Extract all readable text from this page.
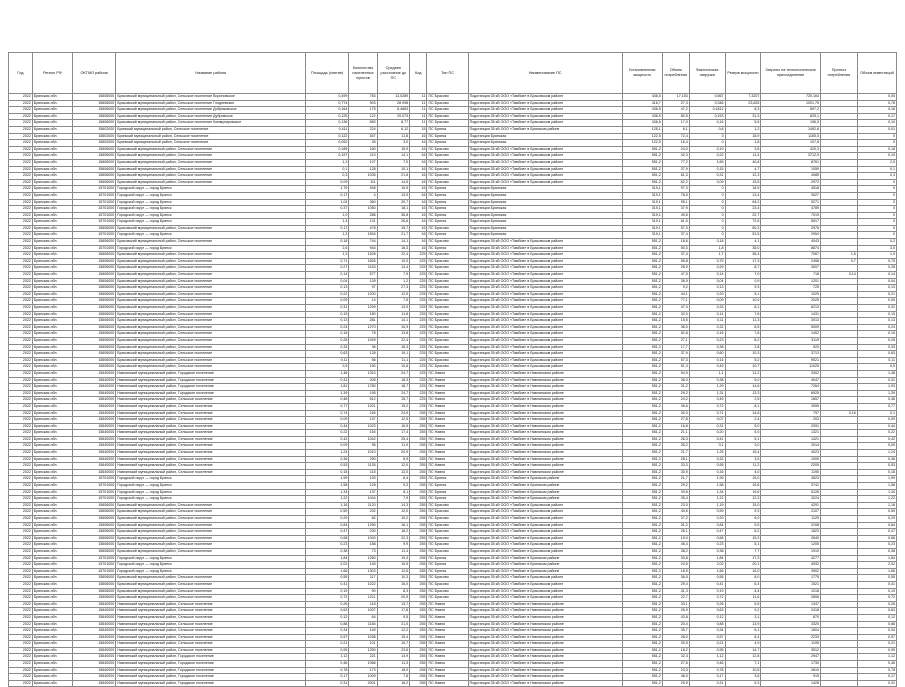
Год	Регион РФ	ОКТМО района	Название района	Площадь (снятие)	Количество населенных пунктов	Среднее расстояние до ПС	Код	Тип ПС	Наименование ПС	Установленная мощность	Объем потребления	Фактическая нагрузка	Резерв мощности	Затраты на технологическое присоединение	Прогноз потребления	Объем инвестиций
2022	Брянская обл.	15606000	Брасовский муниципальный район, Сельское поселение Вороновское	0,499	754	13,0289	11	ПС Брасово	Подстанция 35 кВ ООО «Тамбов» в Брасовском районе	436,5	17,153	0,567	7,3207	725,164		0,05
2022	Брянская обл.	15606000	Брасовский муниципальный район, Сельское поселение Глодневское	0,774	903	28,998	11	ПС Брасово	Подстанция 35 кВ ООО «Тамбов» в Брасовском районе	416,7	27,3	0,346	23,625	1001,75		0,78
2022	Брянская обл.	15606000	Брасовский муниципальный район, Сельское поселение Добриковское	0,164	175	6,4663	11	ПС Брасово	Подстанция 35 кВ ООО «Тамбов» в Брасовском районе	436,5	47,2	0,1812	8,3	697,2		0,16
2022	Брянская обл.	15606000	Брасовский муниципальный район, Сельское поселение Дубровское	0,125	122	20,073	11	ПС Брасово	Подстанция 35 кВ ООО «Тамбов» в Брасовском районе	436,5	80,5	0,153	31,3	825,1		0,17
2022	Брянская обл.	15606000	Брасовский муниципальный район, Сельское поселение Коммунаровское	0,136	583	8,77	11	ПС Брасово	Подстанция 35 кВ ООО «Тамбов» в Брасовском районе	436,5	17,0	0,16	5,5	196,5		0,10
2022	Брянская обл.	15602000	Брянский муниципальный район, Сельское поселение	0,411	224	6,12	15	ПС Брянск	Подстанция 35 кВ ООО «Тамбов» в Брянском районе	125,1	6,1	0,8	1,2	1492,6		0,01
2022	Брянская обл.	15602000	Брянский муниципальный район, Сельское поселение	0,122	547	11,8	16	ПС Брянск	Подстанция Брянская	122,5	72,4	0	18,9	1165,5		0
2022	Брянская обл.	15602000	Брянский муниципальный район, Сельское поселение	0,052	35	3,0	16	ПС Брянск	Подстанция Брянская	122,5	16,4	0	1,8	107,6		0
2022	Брянская обл.	15606000	Брасовский муниципальный район, Сельское поселение	0,189	160	15,9	16	ПС Брасово	Подстанция 35 кВ ООО «Тамбов» в Брасовском районе	551,2	24,0	0,19	3,6	420,3		0,18
2022	Брянская обл.	15606000	Брасовский муниципальный район, Сельское поселение	0,197	110	14,1	16	ПС Брасово	Подстанция 35 кВ ООО «Тамбов» в Брасовском районе	551,2	42,3	0,22	11,4	3712,5		0,19
2022	Брянская обл.	15606000	Брасовский муниципальный район, Сельское поселение	1,3	107	7,0	16	ПС Брасово	Подстанция 35 кВ ООО «Тамбов» в Брасовском районе	551,2	77,2	1,65	40,8	8761		2,5
2022	Брянская обл.	15606000	Брасовский муниципальный район, Сельское поселение	0,1	128	10,1	16	ПС Брасово	Подстанция 35 кВ ООО «Тамбов» в Брасовском районе	551,2	37,9	0,15	4,7	1059		0,1
2022	Брянская обл.	15606000	Брасовский муниципальный район, Сельское поселение	0,3	1035	21,6	16	ПС Брасово	Подстанция 35 кВ ООО «Тамбов» в Брасовском районе	551,2	61,3	0,31	12,3	4085		0,3
2022	Брянская обл.	15606000	Брасовский муниципальный район, Сельское поселение	0,09	111	14,5	16	ПС Брасово	Подстанция 35 кВ ООО «Тамбов» в Брасовском районе	551,2	62,2	0,09	15,5	2972		0
2022	Брянская обл.	15701000	Городской округ — город Брянск	1,76	948	15,5	16	ПС Брянск	Подстанция Брянская	319,1	97,3	0	18,9	4518		0
2022	Брянская обл.	15701000	Городской округ — город Брянск	0,17	4	13,9	16	ПС Брянск	Подстанция Брянская	319,1	78,5	0	13,4	3027		0
2022	Брянская обл.	15701000	Городской округ — город Брянск	1,04	360	20,7	16	ПС Брянск	Подстанция Брянская	319,1	95,1	0	64,2	5271		0
2022	Брянская обл.	15701000	Городской округ — город Брянск	0,37	1050	18,1	16	ПС Брянск	Подстанция Брянская	319,1	37,9	0	23,4	4789		0
2022	Брянская обл.	15701000	Городской округ — город Брянск	1,0	286	36,8	16	ПС Брянск	Подстанция Брянская	319,1	49,6	0	22,7	7019		0
2022	Брянская обл.	15701000	Городской округ — город Брянск	1,4	131	26,6	16	ПС Брянск	Подстанция Брянская	319,1	61,5	0	72,6	5517		0
2022	Брянская обл.	15606000	Брасовский муниципальный район, Сельское поселение	0,17	478	15,7	16	ПС Брасово	Подстанция Брянская	319,1	57,3	0	60,3	2976		0
2022	Брянская обл.	15701000	Городской округ — город Брянск	1,3	1504	21,7	16	ПС Брянск	Подстанция Брянская	319,1	37,4	0	51,5	2954		0
2022	Брянская обл.	15606000	Брасовский муниципальный район, Сельское поселение	0,18	744	14,1	16	ПС Брасово	Подстанция 35 кВ ООО «Тамбов» в Брасовском районе	551,2	18,6	0,18	4,1	4043		0,2
2022	Брянская обл.	15701000	Городской округ — город Брянск	2,6	944	16,3	16	ПС Брянск	Подстанция 35 кВ ООО «Тамбов» в Брасовском районе	551,2	50,3	1,8	35,0	8874		3,0
2022	Брянская обл.	15606000	Брасовский муниципальный район, Сельское поселение	1,3	1528	22,4	225	ПС Брасово	Подстанция 35 кВ ООО «Тамбов» в Брасовском районе	551,2	37,4	1,7	36,4	7067	1,5	1,9
2022	Брянская обл.	15606000	Брасовский муниципальный район, Сельское поселение	0,71	1826	10,0	225	ПС Брасово	Подстанция 35 кВ ООО «Тамбов» в Брасовском районе	551,2	55,8	0,75	17,3	2458	0,7	0,75
2022	Брянская обл.	15606000	Брасовский муниципальный район, Сельское поселение	0,27	1153	13,4	225	ПС Брасово	Подстанция 35 кВ ООО «Тамбов» в Брасовском районе	551,2	28,9	0,29	8,7	3007		0,28
2022	Брянская обл.	15606000	Брасовский муниципальный район, Сельское поселение	0,14	577	7,9	225	ПС Брасово	Подстанция 35 кВ ООО «Тамбов» в Брасовском районе	551,2	47,5	0,14	7,0	718	0,14	0,14
2022	Брянская обл.	15606000	Брасовский муниципальный район, Сельское поселение	0,04	139	1,2	225	ПС Брасово	Подстанция 35 кВ ООО «Тамбов» в Брасовском районе	551,2	36,9	0,04	0,9	1201		0,04
2022	Брянская обл.	15606000	Брасовский муниципальный район, Сельское поселение	0,13	97	27,3	225	ПС Брасово	Подстанция 35 кВ ООО «Тамбов» в Брасовском районе	551,2	9,2	0,13	9,3	725		0,13
2022	Брянская обл.	15606000	Брасовский муниципальный район, Сельское поселение	0,22	1200	12,9	225	ПС Брасово	Подстанция 35 кВ ООО «Тамбов» в Брасовском районе	551,2	44,1	0,29	5,1	1025		0,21
2022	Брянская обл.	15606000	Брасовский муниципальный район, Сельское поселение	0,09	14	7,5	225	ПС Брасово	Подстанция 35 кВ ООО «Тамбов» в Брасовском районе	551,2	77,1	0,09	10,0	2025		0,09
2022	Брянская обл.	15606000	Брасовский муниципальный район, Сельское поселение	0,31	1299	13,9	225	ПС Брасово	Подстанция 35 кВ ООО «Тамбов» в Брасовском районе	551,2	47,0	0,33	8,1	6213		0,31
2022	Брянская обл.	15606000	Брасовский муниципальный район, Сельское поселение	0,15	180	11,8	225	ПС Брасово	Подстанция 35 кВ ООО «Тамбов» в Брасовском районе	551,2	32,0	0,14	7,6	1431		0,15
2022	Брянская обл.	15606000	Брасовский муниципальный район, Сельское поселение	0,13	281	14,1	225	ПС Брасово	Подстанция 35 кВ ООО «Тамбов» в Брасовском районе	551,2	15,5	0,11	11,3	3013		0,13
2022	Брянская обл.	15606000	Брасовский муниципальный район, Сельское поселение	0,24	1270	10,9	225	ПС Брасово	Подстанция 35 кВ ООО «Тамбов» в Брасовском районе	551,2	36,0	0,32	6,5	5009		0,24
2022	Брянская обл.	15606000	Брасовский муниципальный район, Сельское поселение	0,15	78	13,8	225	ПС Брасово	Подстанция 35 кВ ООО «Тамбов» в Брасовском районе	551,2	52,8	0,15	7,6	1402		0,15
2022	Брянская обл.	15606000	Брасовский муниципальный район, Сельское поселение	0,28	1049	22,4	225	ПС Брасово	Подстанция 35 кВ ООО «Тамбов» в Брасовском районе	551,2	27,1	0,23	8,2	3119		0,25
2022	Брянская обл.	15606000	Брасовский муниципальный район, Сельское поселение	0,33	36	16,3	225	ПС Брасово	Подстанция 35 кВ ООО «Тамбов» в Брасовском районе	551,2	17,7	0,38	2,8	923		0,33
2022	Брянская обл.	15606000	Брасовский муниципальный район, Сельское поселение	0,63	128	19,1	225	ПС Брасово	Подстанция 35 кВ ООО «Тамбов» в Брасовском районе	551,2	37,9	0,60	10,3	3713		0,63
2022	Брянская обл.	15606000	Брасовский муниципальный район, Сельское поселение	0,11	56	11,1	225	ПС Брасово	Подстанция 35 кВ ООО «Тамбов» в Брасовском районе	551,2	57,3	0,14	5,2	9021		0,11
2022	Брянская обл.	15606000	Брасовский муниципальный район, Сельское поселение	0,5	150	10,8	225	ПС Брасово	Подстанция 35 кВ ООО «Тамбов» в Брасовском районе	551,2	51,3	0,49	10,7	11025		0,5
2022	Брянская обл.	15640000	Навлинский муниципальный район, Городское поселение	1,46	1310	24,7	225	ПС Навля	Подстанция 35 кВ ООО «Тамбов» в Навлинском районе	551,2	54,9	1,1	11,2	3302		1,48
2022	Брянская обл.	15640000	Навлинский муниципальный район, Городское поселение	0,31	205	18,3	225	ПС Навля	Подстанция 35 кВ ООО «Тамбов» в Навлинском районе	551,2	36,0	0,38	5,0	4047		0,31
2022	Брянская обл.	15640000	Навлинский муниципальный район, Городское поселение	1,81	1780	18,7	225	ПС Навля	Подстанция 35 кВ ООО «Тамбов» в Навлинском районе	551,2	31,2	1,29	14,6	7264		1,93
2022	Брянская обл.	15640000	Навлинский муниципальный район, Городское поселение	1,39	195	24,7	225	ПС Навля	Подстанция 35 кВ ООО «Тамбов» в Навлинском районе	551,2	29,2	1,31	13,3	6925		1,39
2022	Брянская обл.	15640000	Навлинский муниципальный район, Сельское поселение	0,48	512	15,7	225	ПС Навля	Подстанция 35 кВ ООО «Тамбов» в Навлинском районе	551,2	24,2	0,49	2,5	1657		0,46
2022	Брянская обл.	15640000	Навлинский муниципальный район, Сельское поселение	0,77	1021	15,2	225	ПС Навля	Подстанция 35 кВ ООО «Тамбов» в Навлинском районе	551,2	36,6	0,72	8,1	3055		0,77
2022	Брянская обл.	15640000	Навлинский муниципальный район, Сельское поселение	0,74	165	24,9	255	ПС Навля	Подстанция 35 кВ ООО «Тамбов» в Навлинском районе	551,2	30,3	0,71	14,8	797	0,16	0,1
2022	Брянская обл.	15640000	Навлинский муниципальный район, Сельское поселение	0,09	137	12,5	255	ПС Навля	Подстанция 35 кВ ООО «Тамбов» в Навлинском районе	551,2	27,8	0,07	2,4	203		0,09
2022	Брянская обл.	15640000	Навлинский муниципальный район, Сельское поселение	0,44	1023	16,5	255	ПС Навля	Подстанция 35 кВ ООО «Тамбов» в Навлинском районе	551,2	16,8	0,31	5,0	2091		0,44
2022	Брянская обл.	15640000	Навлинский муниципальный район, Сельское поселение	0,22	154	17,4	255	ПС Навля	Подстанция 35 кВ ООО «Тамбов» в Навлинском районе	551,2	21,1	0,20	5,0	1321		0,22
2022	Брянская обл.	15640000	Навлинский муниципальный район, Сельское поселение	0,42	1042	25,4	255	ПС Навля	Подстанция 35 кВ ООО «Тамбов» в Навлинском районе	551,2	28,3	0,41	5,1	1421		0,42
2022	Брянская обл.	15640000	Навлинский муниципальный район, Сельское поселение	0,09	96	11,9	255	ПС Навля	Подстанция 35 кВ ООО «Тамбов» в Навлинском районе	551,2	35,2	0,1	3,0	2014		0,09
2022	Брянская обл.	15640000	Навлинский муниципальный район, Сельское поселение	1,24	1010	20,9	255	ПС Навля	Подстанция 35 кВ ООО «Тамбов» в Навлинском районе	551,2	21,7	1,25	15,4	4023		1,24
2022	Брянская обл.	15640000	Навлинский муниципальный район, Сельское поселение	0,36	290	8,9	255	ПС Навля	Подстанция 35 кВ ООО «Тамбов» в Навлинском районе	551,2	28,1	0,32	3,5	1009		0,36
2022	Брянская обл.	15640000	Навлинский муниципальный район, Сельское поселение	0,53	1135	12,0	255	ПС Навля	Подстанция 35 кВ ООО «Тамбов» в Навлинском районе	551,2	33,3	0,55	11,2	2205		0,53
2022	Брянская обл.	15640000	Навлинский муниципальный район, Сельское поселение	0,18	115	13,0	255	ПС Навля	Подстанция 35 кВ ООО «Тамбов» в Навлинском районе	551,2	30,9	0,16	4,0	1190		0,18
2022	Брянская обл.	15701000	Городской округ — город Брянск	1,99	193	6,4	255	ПС Брянск	Подстанция 35 кВ ООО «Тамбов» в Брянском районе	551,2	21,7	1,99	15,0	4523		1,99
2022	Брянская обл.	15701000	Городской округ — город Брянск	1,58	128	9,3	255	ПС Брянск	Подстанция 35 кВ ООО «Тамбов» в Брянском районе	551,2	29,2	1,58	15,6	3741		1,58
2022	Брянская обл.	15701000	Городской округ — город Брянск	1,34	137	8,1	255	ПС Брянск	Подстанция 35 кВ ООО «Тамбов» в Брянском районе	551,2	39,6	1,34	19,6	5126		1,34
2022	Брянская обл.	15701000	Городской округ — город Брянск	1,22	1044	7,9	255	ПС Брянск	Подстанция 35 кВ ООО «Тамбов» в Брянском районе	551,2	35,4	1,22	12,3	3224		1,22
2022	Брянская обл.	15606000	Брасовский муниципальный район, Сельское поселение	1,16	1120	14,3	255	ПС Брасово	Подстанция 35 кВ ООО «Тамбов» в Брасовском районе	551,2	23,0	1,19	15,0	4291		1,16
2022	Брянская обл.	15606000	Брасовский муниципальный район, Сельское поселение	0,59	232	12,0	255	ПС Брасово	Подстанция 35 кВ ООО «Тамбов» в Брасовском районе	551,2	40,6	0,59	9,3	2107		0,59
2022	Брянская обл.	15606000	Брасовский муниципальный район, Сельское поселение	0,29	82	10,2	255	ПС Брасово	Подстанция 35 кВ ООО «Тамбов» в Брасовском районе	551,2	37,2	0,29	6,0	1129		0,29
2022	Брянская обл.	15606000	Брасовский муниципальный район, Сельское поселение	0,84	1290	16,1	255	ПС Брасово	Подстанция 35 кВ ООО «Тамбов» в Брасовском районе	551,2	31,2	0,84	9,5	3108		0,84
2022	Брянская обл.	15606000	Брасовский муниципальный район, Сельское поселение	0,47	230	18,2	255	ПС Брасово	Подстанция 35 кВ ООО «Тамбов» в Брасовском районе	551,2	26,1	0,47	6,2	1823		0,47
2022	Брянская обл.	15606000	Брасовский муниципальный район, Сельское поселение	0,68	1040	22,3	255	ПС Брасово	Подстанция 35 кВ ООО «Тамбов» в Брасовском районе	551,2	19,0	0,68	15,3	2640		0,68
2022	Брянская обл.	15606000	Брасовский муниципальный район, Сельское поселение	0,23	188	9,9	255	ПС Брасово	Подстанция 35 кВ ООО «Тамбов» в Брасовском районе	551,2	45,4	0,23	5,1	1205		0,23
2022	Брянская обл.	15606000	Брасовский муниципальный район, Сельское поселение	0,38	73	11,4	255	ПС Брасово	Подстанция 35 кВ ООО «Тамбов» в Брасовском районе	551,2	38,2	0,38	7,7	1910		0,38
2022	Брянская обл.	15701000	Городской округ — город Брянск	1,84	1260	19,3	255	ПС Брянск	Подстанция 35 кВ ООО «Тамбов» в Брянском районе	551,2	30,8	1,84	17,3	4277		1,84
2022	Брянская обл.	15701000	Городской округ — город Брянск	2,02	145	15,5	255	ПС Брянск	Подстанция 35 кВ ООО «Тамбов» в Брянском районе	551,2	24,5	2,02	20,1	4932		2,02
2022	Брянская обл.	15701000	Городской округ — город Брянск	1,66	1303	12,6	255	ПС Брянск	Подстанция 35 кВ ООО «Тамбов» в Брянском районе	551,2	18,9	1,66	16,0	3902		1,66
2022	Брянская обл.	15606000	Брасовский муниципальный район, Сельское поселение	0,55	117	10,3	255	ПС Брасово	Подстанция 35 кВ ООО «Тамбов» в Брасовском районе	551,2	36,5	0,55	8,0	1775		0,55
2022	Брянская обл.	15606000	Брасовский муниципальный район, Сельское поселение	0,41	1022	16,0	255	ПС Брасово	Подстанция 35 кВ ООО «Тамбов» в Брасовском районе	551,2	29,4	0,41	6,4	1521		0,41
2022	Брянская обл.	15606000	Брасовский муниципальный район, Сельское поселение	0,19	90	8,3	255	ПС Брасово	Подстанция 35 кВ ООО «Тамбов» в Брасовском районе	551,2	41,3	0,19	4,4	1018		0,19
2022	Брянская обл.	15606000	Брасовский муниципальный район, Сельское поселение	0,72	1211	20,5	255	ПС Брасово	Подстанция 35 кВ ООО «Тамбов» в Брасовском районе	551,2	22,7	0,72	11,6	2806		0,72
2022	Брянская обл.	15640000	Навлинский муниципальный район, Сельское поселение	0,26	118	13,7	255	ПС Навля	Подстанция 35 кВ ООО «Тамбов» в Навлинском районе	551,2	33,1	0,26	5,5	1347		0,26
2022	Брянская обл.	15640000	Навлинский муниципальный район, Сельское поселение	0,63	1007	17,8	255	ПС Навля	Подстанция 35 кВ ООО «Тамбов» в Навлинском районе	551,2	26,9	0,63	9,2	2418		0,63
2022	Брянская обл.	15640000	Навлинский муниципальный район, Сельское поселение	0,12	64	9,5	255	ПС Навля	Подстанция 35 кВ ООО «Тамбов» в Навлинском районе	551,2	43,8	0,12	3,1	870		0,12
2022	Брянская обл.	15640000	Навлинский муниципальный район, Сельское поселение	0,88	1184	21,0	255	ПС Навля	Подстанция 35 кВ ООО «Тамбов» в Навлинском районе	551,2	20,4	0,88	13,9	3320		0,88
2022	Брянская обл.	15640000	Навлинский муниципальный район, Сельское поселение	0,34	149	12,2	255	ПС Навля	Подстанция 35 кВ ООО «Тамбов» в Навлинском районе	551,2	35,7	0,34	6,1	1604		0,34
2022	Брянская обл.	15640000	Навлинский муниципальный район, Сельское поселение	0,57	1038	15,4	255	ПС Навля	Подстанция 35 кВ ООО «Тамбов» в Навлинском районе	551,2	28,0	0,57	8,4	2233		0,57
2022	Брянская обл.	15640000	Навлинский муниципальный район, Сельское поселение	0,21	101	10,7	255	ПС Навля	Подстанция 35 кВ ООО «Тамбов» в Навлинском районе	551,2	39,5	0,21	4,9	1195		0,21
2022	Брянская обл.	15640000	Навлинский муниципальный район, Сельское поселение	0,95	1250	23,6	255	ПС Навля	Подстанция 35 кВ ООО «Тамбов» в Навлинском районе	551,2	18,2	0,95	14,7	3512		0,95
2022	Брянская обл.	15640000	Навлинский муниципальный район, Городское поселение	1,12	221	14,9	255	ПС Навля	Подстанция 35 кВ ООО «Тамбов» в Навлинском районе	551,2	32,4	1,12	12,8	2947		1,12
2022	Брянская обл.	15640000	Навлинский муниципальный район, Городское поселение	0,46	1066	11,3	255	ПС Навля	Подстанция 35 кВ ООО «Тамбов» в Навлинском районе	551,2	27,6	0,46	7,1	1730		0,46
2022	Брянская обл.	15640000	Навлинский муниципальный район, Городское поселение	0,78	173	18,0	255	ПС Навля	Подстанция 35 кВ ООО «Тамбов» в Навлинском районе	551,2	23,3	0,78	10,5	2610		0,78
2022	Брянская обл.	15640000	Навлинский муниципальный район, Городское поселение	0,17	1009	7,8	255	ПС Навля	Подстанция 35 кВ ООО «Тамбов» в Навлинском районе	551,2	46,0	0,17	3,6	915		0,17
2022	Брянская обл.	15640000	Навлинский муниципальный район, Городское поселение	0,31	2001	16,2	255	ПС Навля	Подстанция 35 кВ ООО «Тамбов» в Навлинском районе	551,2	29,9	0,31	5,3	1428		0,31
